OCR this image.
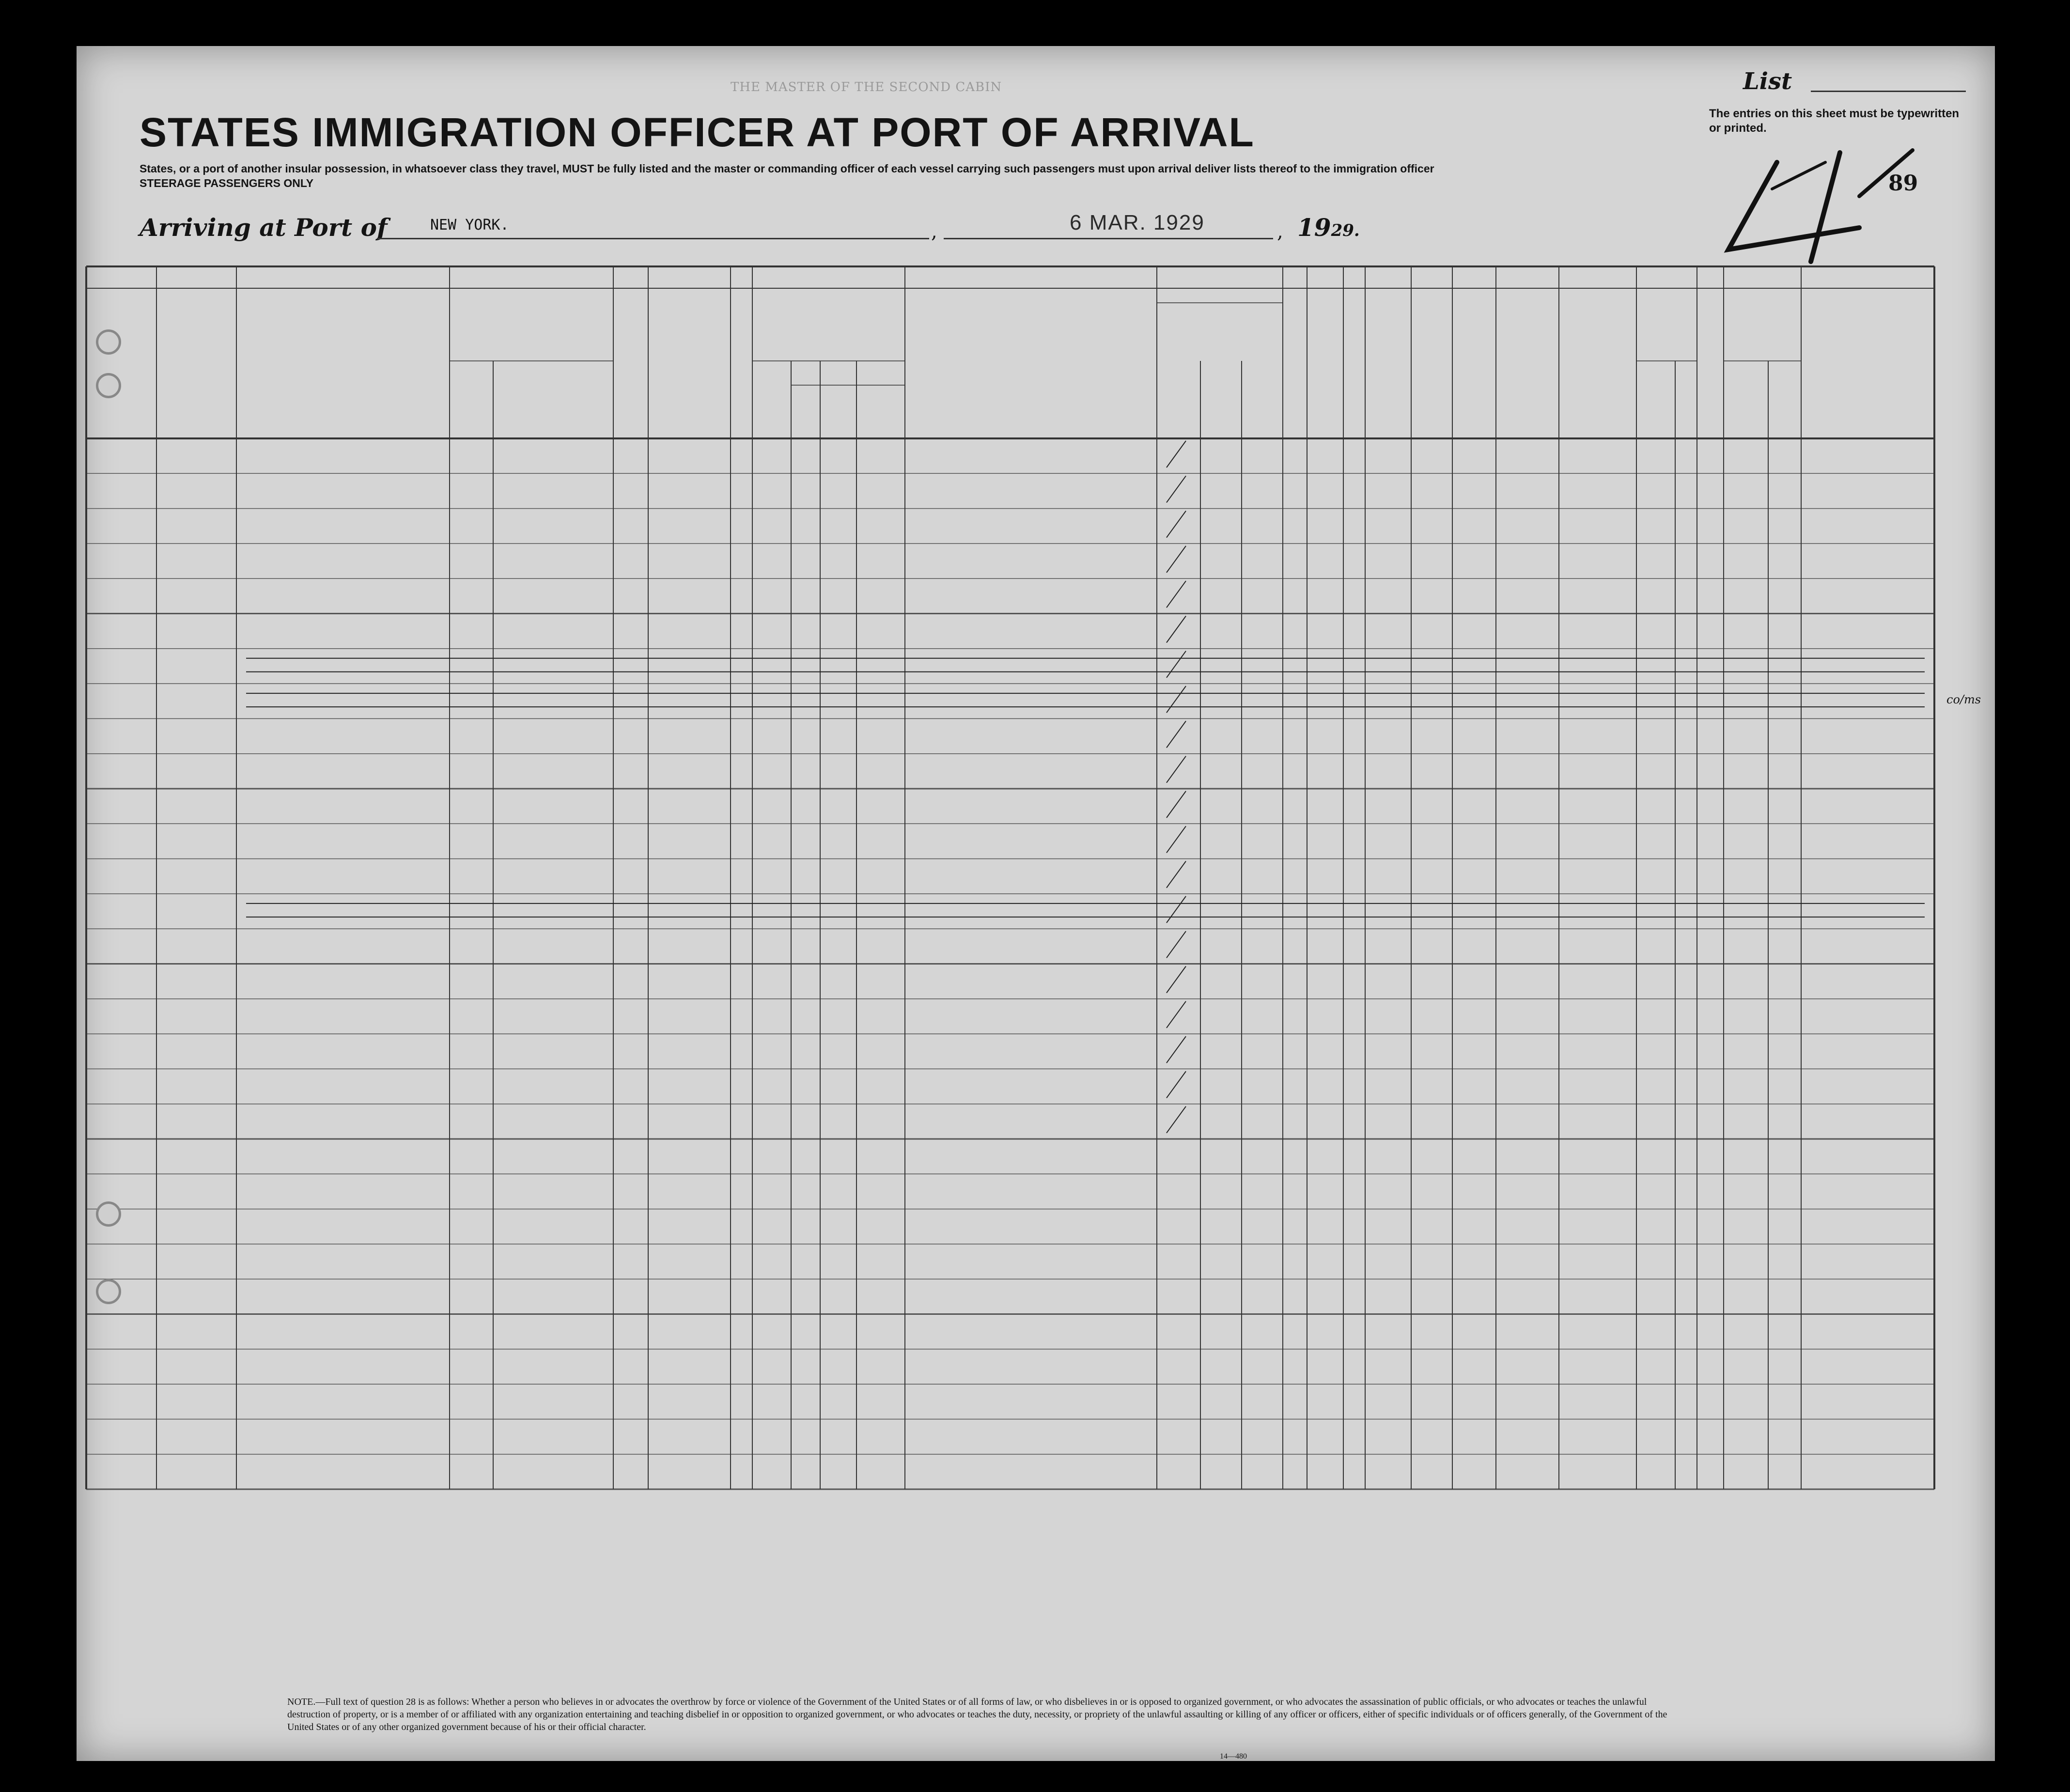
THE MASTER OF THE SECOND CABIN
STATES IMMIGRATION OFFICER AT PORT OF ARRIVAL
States, or a port of another insular possession, in whatsoever class they travel, MUST be fully listed and the master or commanding officer of each vessel carrying such passengers must upon arrival deliver lists thereof to the immigration officer
STEERAGE PASSENGERS ONLY
Arriving at Port of	NEW YORK.	,	6 MAR. 1929	, 1929.
List
The entries on this sheet must be typewritten or printed.
89
NOTE.—Full text of question 28 is as follows: Whether a person who believes in or advocates the overthrow by force or violence of the Government of the United States or of all forms of law, or who disbelieves in or is opposed to organized government, or who advocates the assassination of public officials, or who advocates or teaches the unlawful destruction of property, or is a member of or affiliated with any organization entertaining and teaching disbelief in or opposition to organized government, or who advocates or teaches the duty, necessity, or propriety of the unlawful assaulting or killing of any officer or officers, either of specific individuals or of officers generally, of the Government of the United States or of any other organized government because of his or their official character.
14—480
co/ms
